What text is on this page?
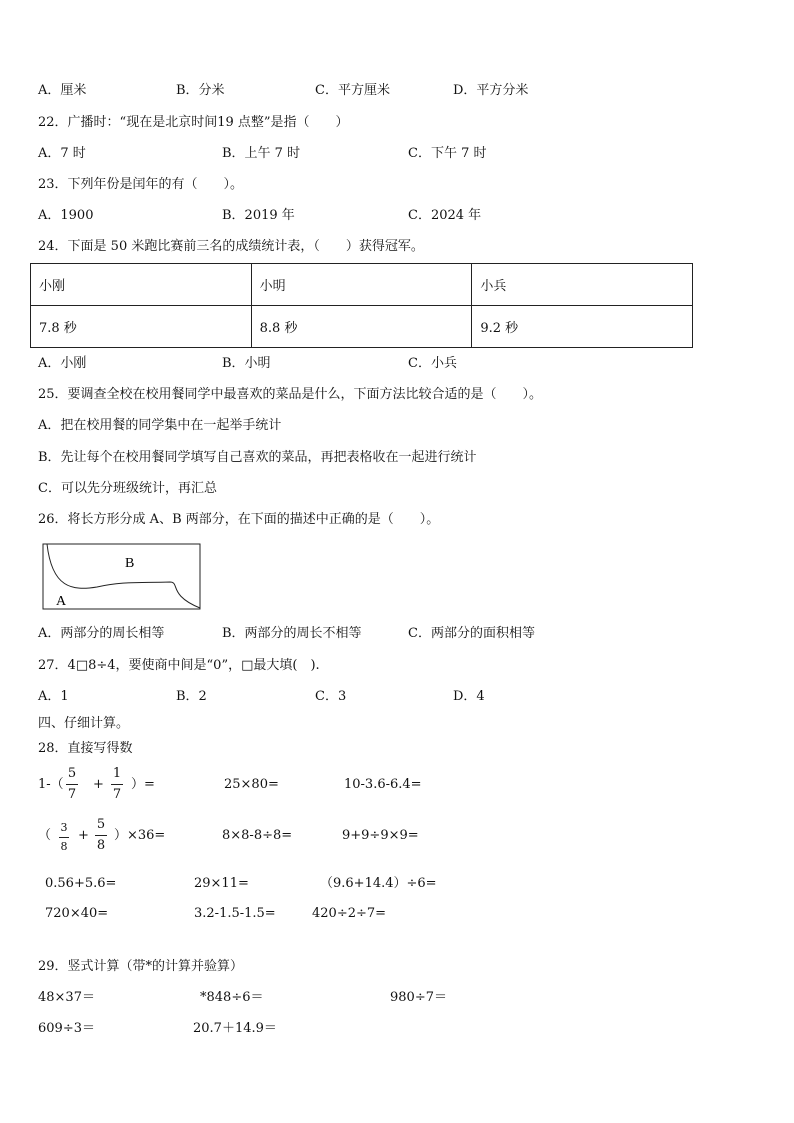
A．厘米	B．分米	C．平方厘米	D．平方分米
22．广播时：“现在是北京时间19 点整”是指（　　）
A．7 时	B．上午 7 时	C．下午 7 时
23．下列年份是闰年的有（　　）。
A．1900	B．2019 年	C．2024 年
24．下面是 50 米跑比赛前三名的成绩统计表，（　　）获得冠军。
小刚	小明	小兵
7.8 秒	8.8 秒	9.2 秒
A．小刚	B．小明	C．小兵
25．要调查全校在校用餐同学中最喜欢的菜品是什么，下面方法比较合适的是（　　）。
A．把在校用餐的同学集中在一起举手统计
B．先让每个在校用餐同学填写自己喜欢的菜品，再把表格收在一起进行统计
C．可以先分班级统计，再汇总
26．将长方形分成 A、B 两部分，在下面的描述中正确的是（　　）。
B
A
A．两部分的周长相等	B．两部分的周长不相等	C．两部分的面积相等
27．4□8÷4，要使商中间是“0”，□最大填(　).
A．1	B．2	C．3	D．4
四、仔细计算。
28．直接写得数
1-（
5
7
+
1
7
）=	25×80=	10-3.6-6.4=
（
3
8
+
5
8
）×36=	8×8-8÷8=	9+9÷9×9=
0.56+5.6=	29×11=	（9.6+14.4）÷6=
720×40=	3.2-1.5-1.5=	420÷2÷7=
29．竖式计算（带*的计算并验算）
48×37＝	*848÷6＝	980÷7＝
609÷3＝	20.7＋14.9＝
